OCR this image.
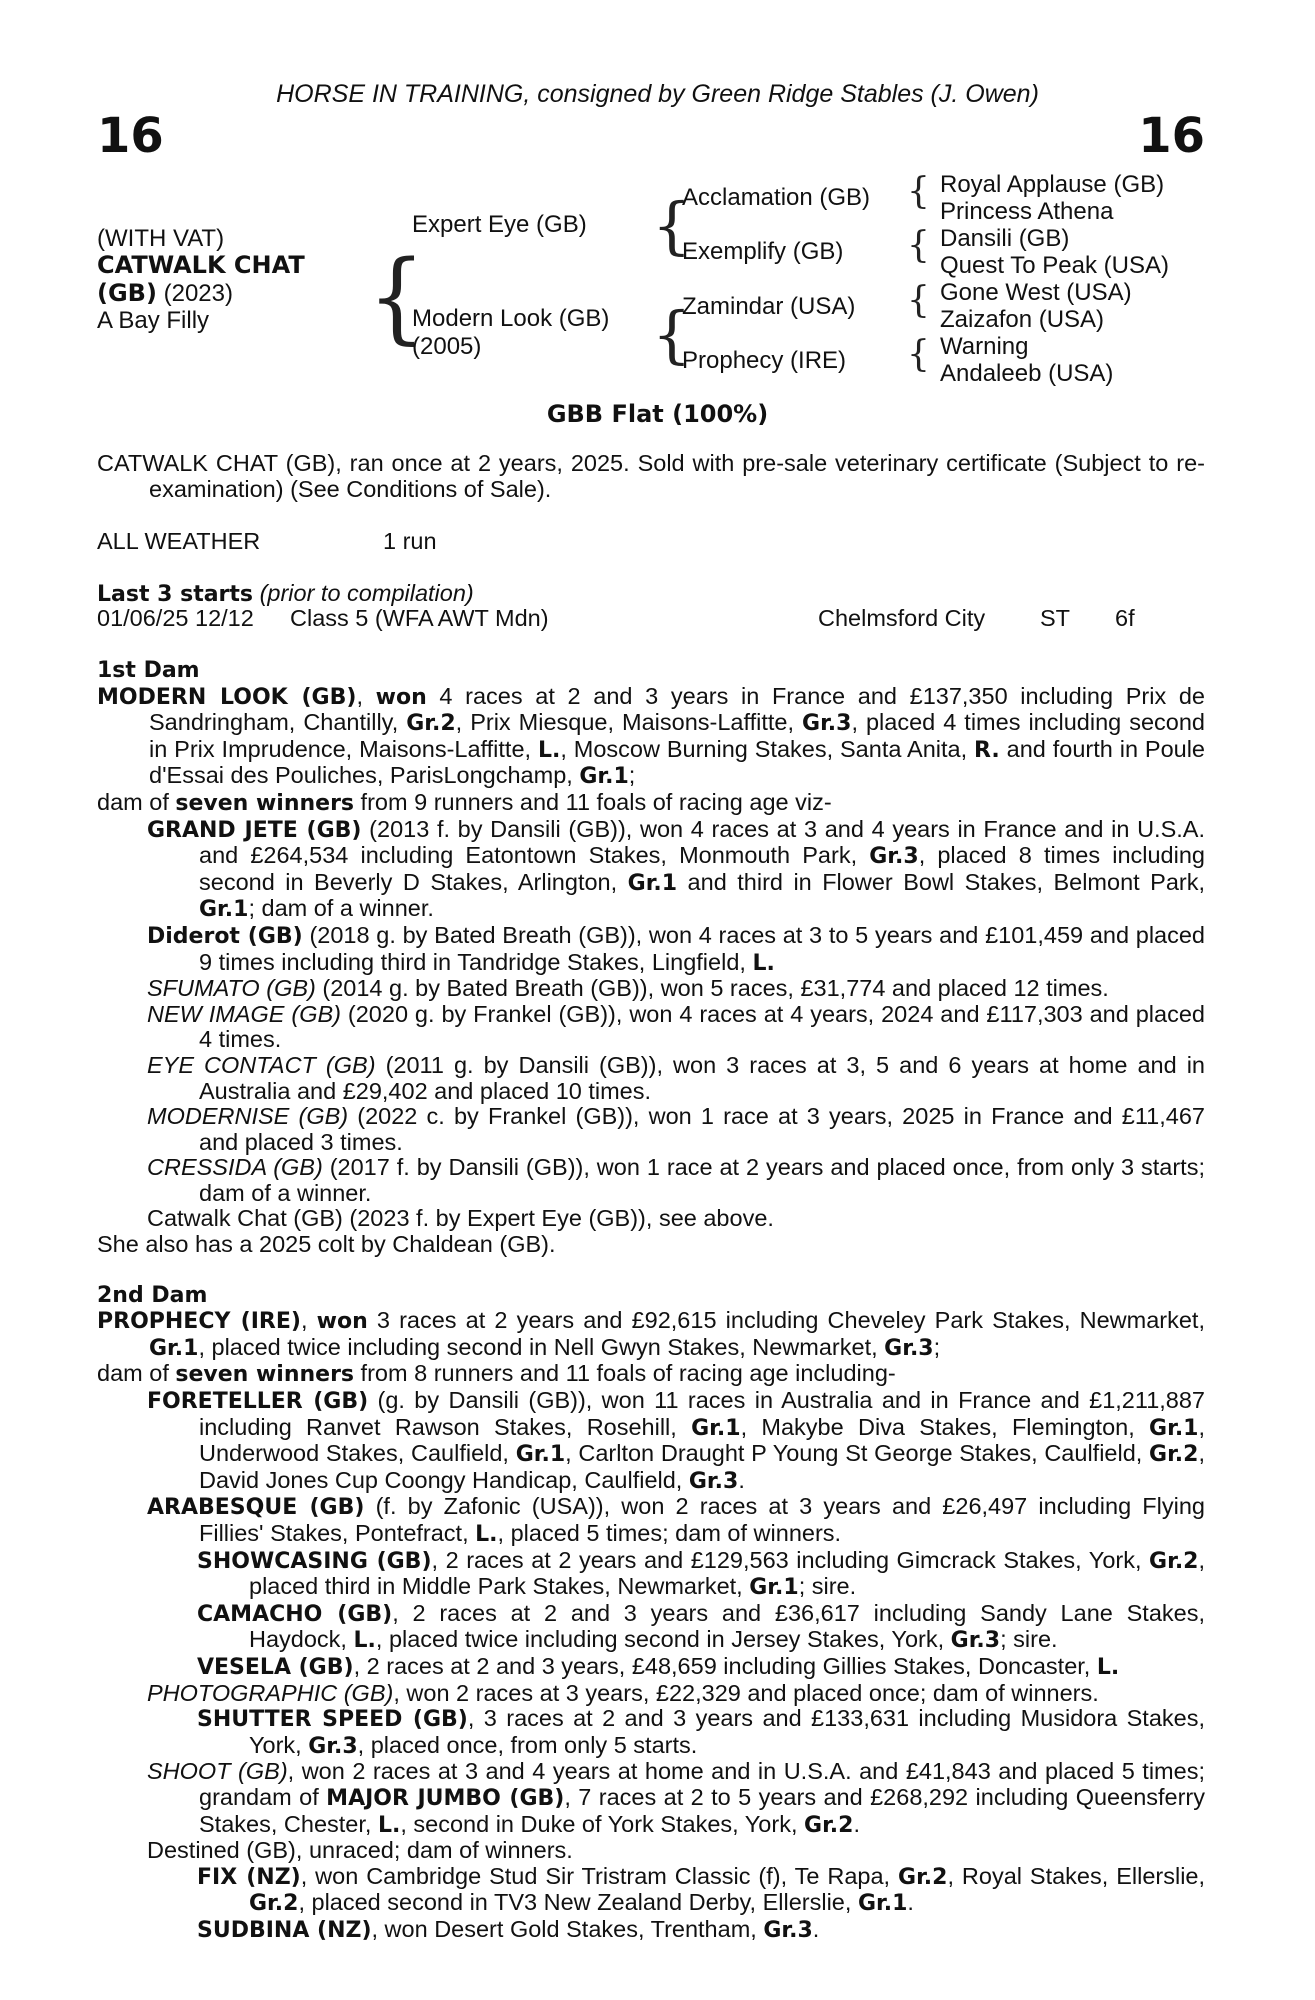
HORSE IN TRAINING, consigned by Green Ridge Stables (J. Owen)
16	16
(WITH VAT)
CATWALK CHAT
(GB) (2023)
A Bay Filly {
{
{
{
{
{
{
Expert Eye (GB)
Modern Look (GB)
(2005)
Acclamation (GB)
Exemplify (GB)
Zamindar (USA)
Prophecy (IRE)
Royal Applause (GB)
Princess Athena
Dansili (GB)
Quest To Peak (USA)
Gone West (USA)
Zaizafon (USA)
Warning
Andaleeb (USA)
GBB Flat (100%)

CATWALK CHAT (GB), ran once at 2 years, 2025. Sold with pre-sale veterinary certificate (Subject to re-examination) (See Conditions of Sale).

ALL WEATHER	1 run
Last 3 starts (prior to compilation)
01/06/25 12/12 Class 5 (WFA AWT Mdn)	Chelmsford City ST 6f

1st Dam

MODERN LOOK (GB), won 4 races at 2 and 3 years in France and £137,350 including Prix de Sandringham, Chantilly, Gr.2, Prix Miesque, Maisons-Laffitte, Gr.3, placed 4 times including second in Prix Imprudence, Maisons-Laffitte, L., Moscow Burning Stakes, Santa Anita, R. and fourth in Poule d'Essai des Pouliches, ParisLongchamp, Gr.1;

dam of seven winners from 9 runners and 11 foals of racing age viz-

GRAND JETE (GB) (2013 f. by Dansili (GB)), won 4 races at 3 and 4 years in France and in U.S.A. and £264,534 including Eatontown Stakes, Monmouth Park, Gr.3, placed 8 times including second in Beverly D Stakes, Arlington, Gr.1 and third in Flower Bowl Stakes, Belmont Park, Gr.1; dam of a winner.

Diderot (GB) (2018 g. by Bated Breath (GB)), won 4 races at 3 to 5 years and £101,459 and placed 9 times including third in Tandridge Stakes, Lingfield, L.

SFUMATO (GB) (2014 g. by Bated Breath (GB)), won 5 races, £31,774 and placed 12 times.

NEW IMAGE (GB) (2020 g. by Frankel (GB)), won 4 races at 4 years, 2024 and £117,303 and placed 4 times.

EYE CONTACT (GB) (2011 g. by Dansili (GB)), won 3 races at 3, 5 and 6 years at home and in Australia and £29,402 and placed 10 times.

MODERNISE (GB) (2022 c. by Frankel (GB)), won 1 race at 3 years, 2025 in France and £11,467 and placed 3 times.

CRESSIDA (GB) (2017 f. by Dansili (GB)), won 1 race at 2 years and placed once, from only 3 starts; dam of a winner.

Catwalk Chat (GB) (2023 f. by Expert Eye (GB)), see above.

She also has a 2025 colt by Chaldean (GB).

2nd Dam

PROPHECY (IRE), won 3 races at 2 years and £92,615 including Cheveley Park Stakes, Newmarket, Gr.1, placed twice including second in Nell Gwyn Stakes, Newmarket, Gr.3;

dam of seven winners from 8 runners and 11 foals of racing age including-

FORETELLER (GB) (g. by Dansili (GB)), won 11 races in Australia and in France and £1,211,887 including Ranvet Rawson Stakes, Rosehill, Gr.1, Makybe Diva Stakes, Flemington, Gr.1, Underwood Stakes, Caulfield, Gr.1, Carlton Draught P Young St George Stakes, Caulfield, Gr.2, David Jones Cup Coongy Handicap, Caulfield, Gr.3.

ARABESQUE (GB) (f. by Zafonic (USA)), won 2 races at 3 years and £26,497 including Flying Fillies' Stakes, Pontefract, L., placed 5 times; dam of winners.

SHOWCASING (GB), 2 races at 2 years and £129,563 including Gimcrack Stakes, York, Gr.2, placed third in Middle Park Stakes, Newmarket, Gr.1; sire.

CAMACHO (GB), 2 races at 2 and 3 years and £36,617 including Sandy Lane Stakes, Haydock, L., placed twice including second in Jersey Stakes, York, Gr.3; sire.

VESELA (GB), 2 races at 2 and 3 years, £48,659 including Gillies Stakes, Doncaster, L.

PHOTOGRAPHIC (GB), won 2 races at 3 years, £22,329 and placed once; dam of winners.

SHUTTER SPEED (GB), 3 races at 2 and 3 years and £133,631 including Musidora Stakes, York, Gr.3, placed once, from only 5 starts.

SHOOT (GB), won 2 races at 3 and 4 years at home and in U.S.A. and £41,843 and placed 5 times; grandam of MAJOR JUMBO (GB), 7 races at 2 to 5 years and £268,292 including Queensferry Stakes, Chester, L., second in Duke of York Stakes, York, Gr.2.

Destined (GB), unraced; dam of winners.

FIX (NZ), won Cambridge Stud Sir Tristram Classic (f), Te Rapa, Gr.2, Royal Stakes, Ellerslie, Gr.2, placed second in TV3 New Zealand Derby, Ellerslie, Gr.1.

SUDBINA (NZ), won Desert Gold Stakes, Trentham, Gr.3.
